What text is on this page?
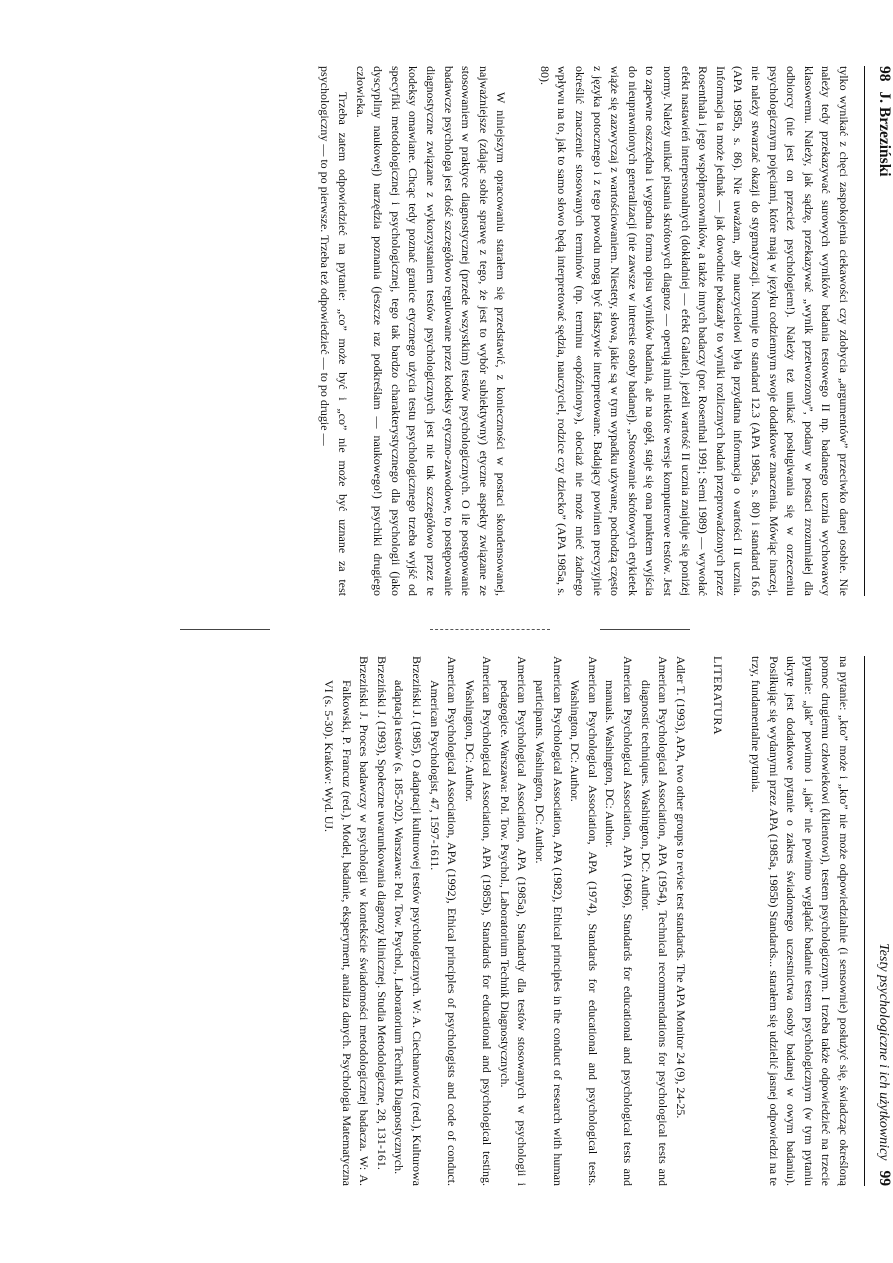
98 J. Brzeziński

tylko wynikać z chęci zaspokojenia ciekawości czy zdobycia „argumentów” przeciwko danej osobie. Nie należy tedy przekazywać surowych wyników badania testowego II np. badanego ucznia wychowawcy klasowemu. Należy, jak sądzę, przekazywać „wynik przetworzony”, podany w postaci zrozumiałej dla odbiorcy (nie jest on przecież psychologiem!). Należy też unikać posługiwania się w orzeczeniu psychologicznym pojęciami, które mają w języku codziennym swoje dodatkowe znaczenia. Mówiąc inaczej, nie należy stwarzać okazji do stygmatyzacji. Normuje to standard 12.3 (APA 1985a, s. 80) i standard 16.6 (APA 1985b, s. 86). Nie uważam, aby nauczycielowi była przydatna informacja o wartości II ucznia. Informacja ta może jednak — jak dowodnie pokazały to wyniki rozlicznych badań przeprowadzonych przez Rosenthala i jego współpracowników, a także innych badaczy (por. Rosenthal 1991; Semi 1989) — wywołać efekt nastawień interpersonalnych (dokładniej — efekt Galatei), jeżeli wartość II ucznia znajduje się poniżej normy. Należy unikać pisania skrótowych diagnoz — operują nimi niektóre wersje komputerowe testów. Jest to zapewne oszczędna i wygodna forma opisu wyników badania, ale na ogół, staje się ona punktem wyjścia do nieuprawnionych generalizacji (nie zawsze w interesie osoby badanej). „Stosowanie skrótowych etykietek wiąże się zazwyczaj z wartościowaniem. Niestety, słowa, jakie są w tym wypadku używane, pochodzą często z języka potocznego i z tego powodu mogą być fałszywie interpretowane. Badający powinien precyzyjnie określić znaczenie stosowanych terminów (np. terminu «opóźniony»), ołociaż nie może mieć żadnego wpływu na to, jak to samo słowo będą interpretować sędzia, nauczyciel, rodzice czy dziecko” (APA 1985a, s. 80).

W niniejszym opracowaniu starałem się przedstawić, z konieczności w postaci skondensowanej, najważniejsze (zdając sobie sprawę z tego, że jest to wybór subiektywny) etyczne aspekty związane ze stosowaniem w praktyce diagnostycznej (przede wszystkim) testów psychologicznych. O ile postępowanie badawcze psychologa jest dość szczegółowo regulowane przez kodeksy etyczno-zawodowe, to postępowanie diagnostyczne związane z wykorzystaniem testów psychologicznych jest nie tak szczegółowo przez te kodeksy omawiane. Chcąc tedy poznać granice etycznego użycia testu psychologicznego trzeba wyjść od specyfiki metodologicznej i psychologicznej, tego tak bardzo charakterystycznego dla psychologii (jako dyscypliny naukowej) narzędzia poznania (jeszcze raz podkreślam — naukowego!) psychiki drugiego człowieka.

Trzeba zatem odpowiedzieć na pytanie: „co” może być i „co” nie może być uznane za test psychologiczny — to po pierwsze. Trzeba też odpowiedzieć — to po drugie —

Testy psychologiczne i ich użytkownicy99

na pytanie: „kto” może i „kto” nie może odpowiedzialnie (i sensownie) posłużyć się, świadcząc określoną pomoc drugiemu człowiekowi (klientowi), testem psychologicznym. I trzeba także odpowiedzieć na trzecie pytanie: „jak” powinno i „jak” nie powinno wyglądać badanie testem psychologicznym (w tym pytaniu ukryte jest dodatkowe pytanie o zakres świadomego uczestnictwa osoby badanej w owym badaniu). Posiłkując się wydanymi przez APA (1985a, 1985b) Standards... starałem się udzielić jasnej odpowiedzi na te trzy, fundamentalne pytania.

LITERATURA

Adler T. (1993), APA, two other groups to revise test standards. The APA Monitor 24 (9), 24-25.

American Psychological Association, APA (1954), Technical recommendations for psychological tests and diagnostic techniques. Washington, DC: Author.

American Psychological Association, APA (1966), Standards for educational and psychological tests and manuals. Washington, DC: Author.

American Psychological Association, APA (1974), Standards for educational and psychological tests. Washington, DC: Author.

American Psychological Association, APA (1982), Ethical principles in the conduct of research with human participants. Washington, DC: Author.

American Psychological Association, APA (1985a), Standardy dla testów stosowanych w psychologii i pedagogice. Warszawa: Pol. Tow. Psychol., Laboratorium Technik Diagnostycznych.

American Psychological Association, APA (1985b), Standards for educational and psychological testing. Washington, DC: Author.

American Psychological Association, APA (1992), Ethical principles of psychologists and code of conduct. American Psychologist, 47, 1597-1611.

Brzeziński J. (1985), O adaptacji kulturowej testów psychologicznych. W: A. Ciechanowicz (red.), Kulturowa adaptacja testów (s. 185-202). Warszawa: Pol. Tow. Psychol., Laboratorium Technik Diagnostycznych.

Brzeziński J. (1993), Społeczne uwarunkowania diagnozy klinicznej. Studia Metodologiczne, 28, 131-161.

Brzeziński J. Proces badawczy w psychologii w kontekście świadomości metodologicznej badacza. W: A. Falkowski, P. Francuz (red.), Model, badanie, eksperyment, analiza danych. Psychologia Matematyczna VI (s. 5-30). Kraków: Wyd. UJ.
